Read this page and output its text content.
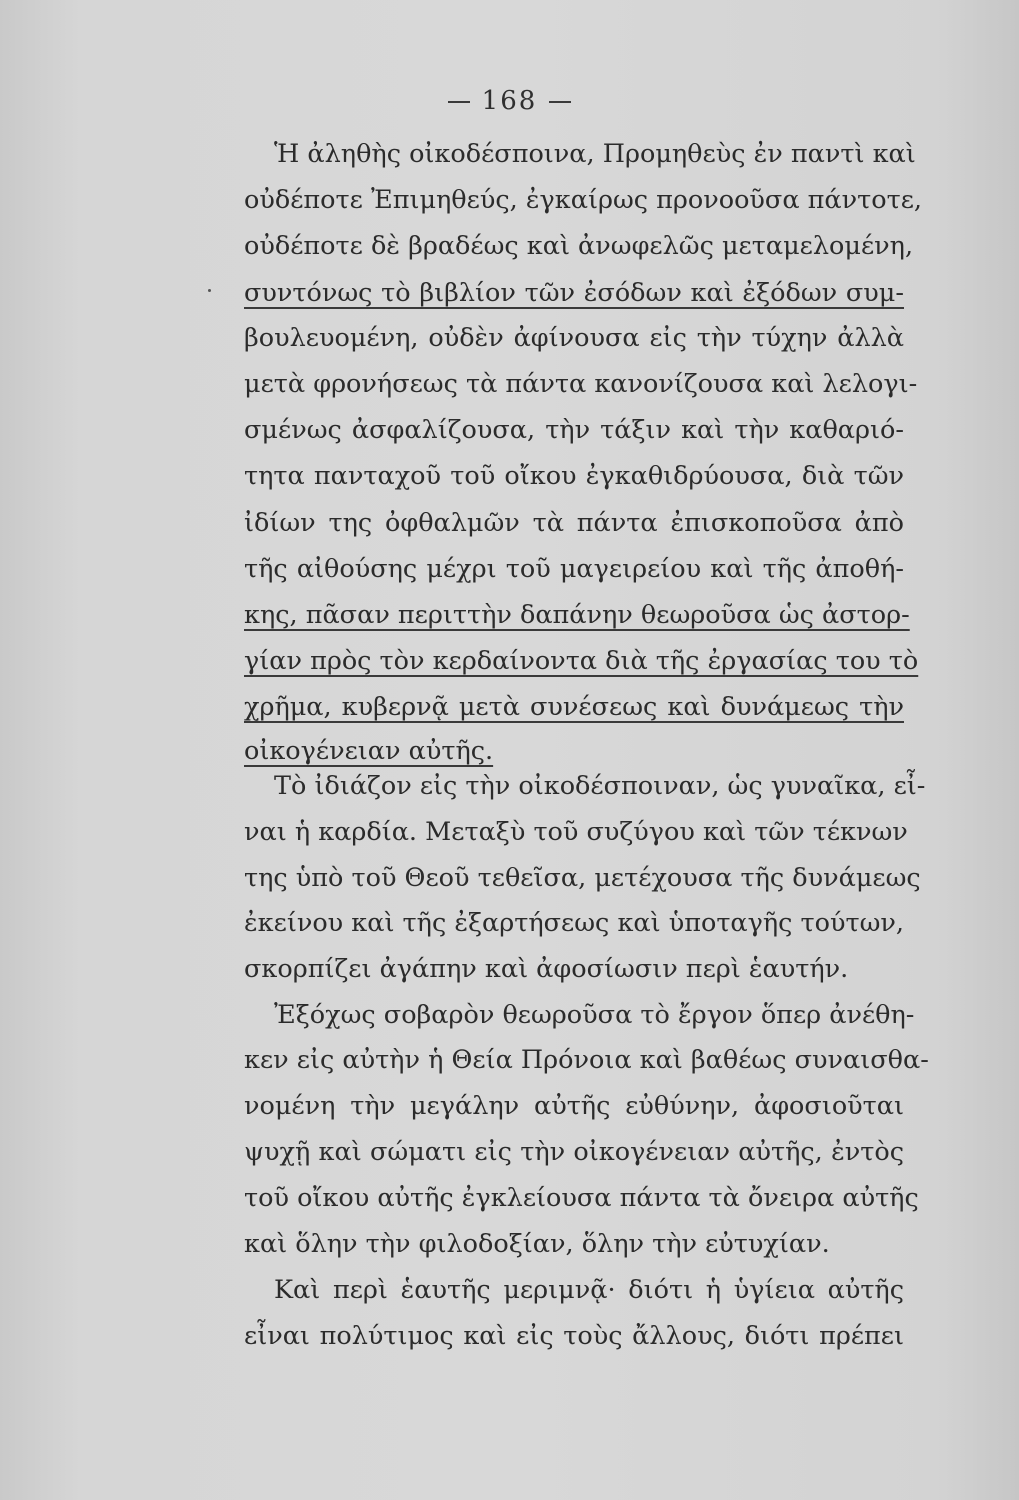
168
Ἡ ἀληθὴς οἰκοδέσποινα, Προμηθεὺς ἐν παντὶ καὶ
οὐδέποτε Ἐπιμηθεύς, ἐγκαίρως προνοοῦσα πάντοτε,
οὐδέποτε δὲ βραδέως καὶ ἀνωφελῶς μεταμελομένη,
συντόνως τὸ βιβλίον τῶν ἐσόδων καὶ ἐξόδων συμ-
βουλευομένη, οὐδὲν ἀφίνουσα εἰς τὴν τύχην ἀλλὰ
μετὰ φρονήσεως τὰ πάντα κανονίζουσα καὶ λελογι-
σμένως ἀσφαλίζουσα, τὴν τάξιν καὶ τὴν καθαριό-
τητα πανταχοῦ τοῦ οἴκου ἐγκαθιδρύουσα, διὰ τῶν
ἰδίων της ὀφθαλμῶν τὰ πάντα ἐπισκοποῦσα ἀπὸ
τῆς αἰθούσης μέχρι τοῦ μαγειρείου καὶ τῆς ἀποθή-
κης, πᾶσαν περιττὴν δαπάνην θεωροῦσα ὡς ἀστορ-
γίαν πρὸς τὸν κερδαίνοντα διὰ τῆς ἐργασίας του τὸ
χρῆμα, κυβερνᾷ μετὰ συνέσεως καὶ δυνάμεως τὴν
οἰκογένειαν αὐτῆς.
Τὸ ἰδιάζον εἰς τὴν οἰκοδέσποιναν, ὡς γυναῖκα, εἶ-
ναι ἡ καρδία. Μεταξὺ τοῦ συζύγου καὶ τῶν τέκνων
της ὑπὸ τοῦ Θεοῦ τεθεῖσα, μετέχουσα τῆς δυνάμεως
ἐκείνου καὶ τῆς ἐξαρτήσεως καὶ ὑποταγῆς τούτων,
σκορπίζει ἀγάπην καὶ ἀφοσίωσιν περὶ ἑαυτήν.
Ἐξόχως σοβαρὸν θεωροῦσα τὸ ἔργον ὅπερ ἀνέθη-
κεν εἰς αὐτὴν ἡ Θεία Πρόνοια καὶ βαθέως συναισθα-
νομένη τὴν μεγάλην αὐτῆς εὐθύνην, ἀφοσιοῦται
ψυχῇ καὶ σώματι εἰς τὴν οἰκογένειαν αὐτῆς, ἐντὸς
τοῦ οἴκου αὐτῆς ἐγκλείουσα πάντα τὰ ὄνειρα αὐτῆς
καὶ ὅλην τὴν φιλοδοξίαν, ὅλην τὴν εὐτυχίαν.
Καὶ περὶ ἑαυτῆς μεριμνᾷ· διότι ἡ ὑγίεια αὐτῆς
εἶναι πολύτιμος καὶ εἰς τοὺς ἄλλους, διότι πρέπει
